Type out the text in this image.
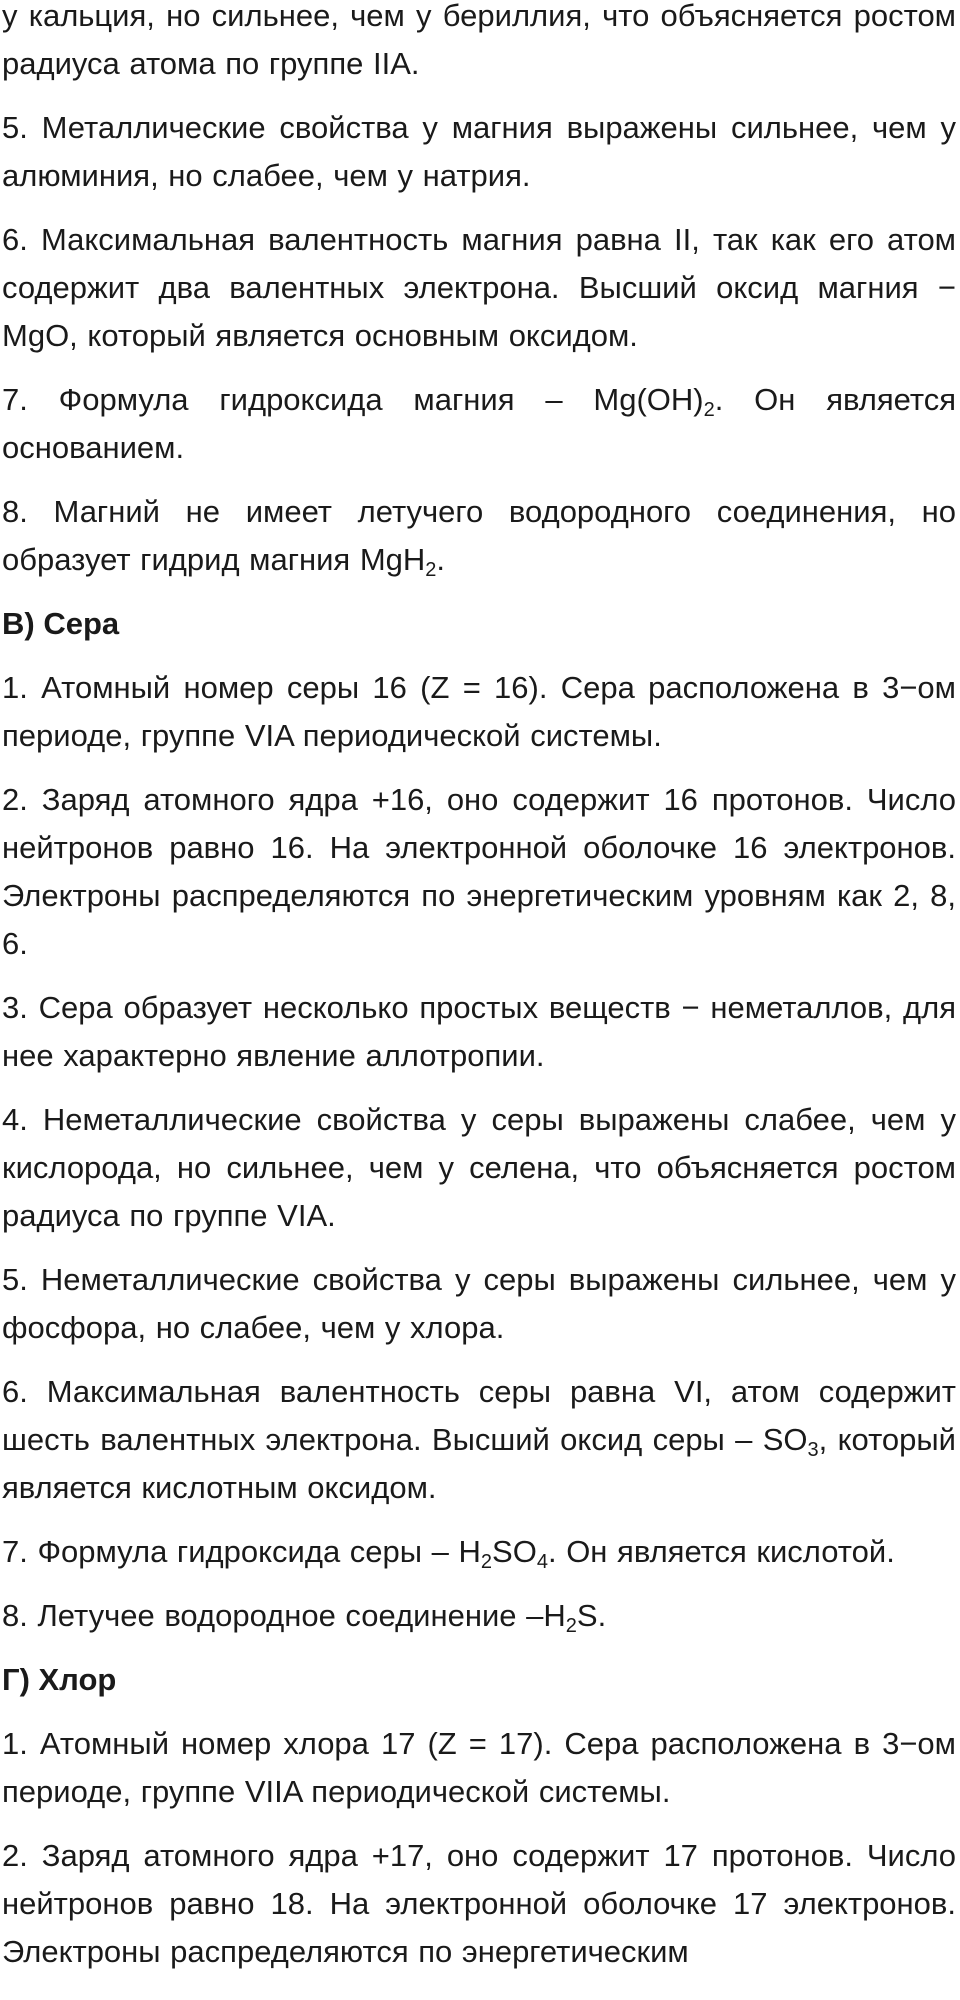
у кальция, но сильнее, чем у бериллия, что объясняется ростом радиуса атома по группе IIA.

5. Металлические свойства у магния выражены сильнее, чем у алюминия, но слабее, чем у натрия.

6. Максимальная валентность магния равна II, так как его атом содержит два валентных электрона. Высший оксид магния − MgO, который является основным оксидом.

7. Формула гидроксида магния – $Mg(OH)_2$. Он является основанием.

8. Магний не имеет летучего водородного соединения, но образует гидрид магния MgH$_2$.

В) Сера

1. Атомный номер серы 16 (Z = 16). Сера расположена в 3−ом периоде, группе VIA периодической системы.

2. Заряд атомного ядра +16, оно содержит 16 протонов. Число нейтронов равно 16. На электронной оболочке 16 электронов. Электроны распределяются по энергетическим уровням как 2, 8, 6.

3. Сера образует несколько простых веществ − неметаллов, для нее характерно явление аллотропии.

4. Неметаллические свойства у серы выражены слабее, чем у кислорода, но сильнее, чем у селена, что объясняется ростом радиуса по группе VIA.

5. Неметаллические свойства у серы выражены сильнее, чем у фосфора, но слабее, чем у хлора.

6. Максимальная валентность серы равна VI, атом содержит шесть валентных электрона. Высший оксид серы – $SO_3$, который является кислотным оксидом.

7. Формула гидроксида серы – $H_2SO_4$. Он является кислотой.

8. Летучее водородное соединение $-H_2S$.

Г) Хлор

1. Атомный номер хлора 17 (Z = 17). Сера расположена в 3−ом периоде, группе VIIA периодической системы.

2. Заряд атомного ядра +17, оно содержит 17 протонов. Число нейтронов равно 18. На электронной оболочке 17 электронов. Электроны распределяются по энергетическим
